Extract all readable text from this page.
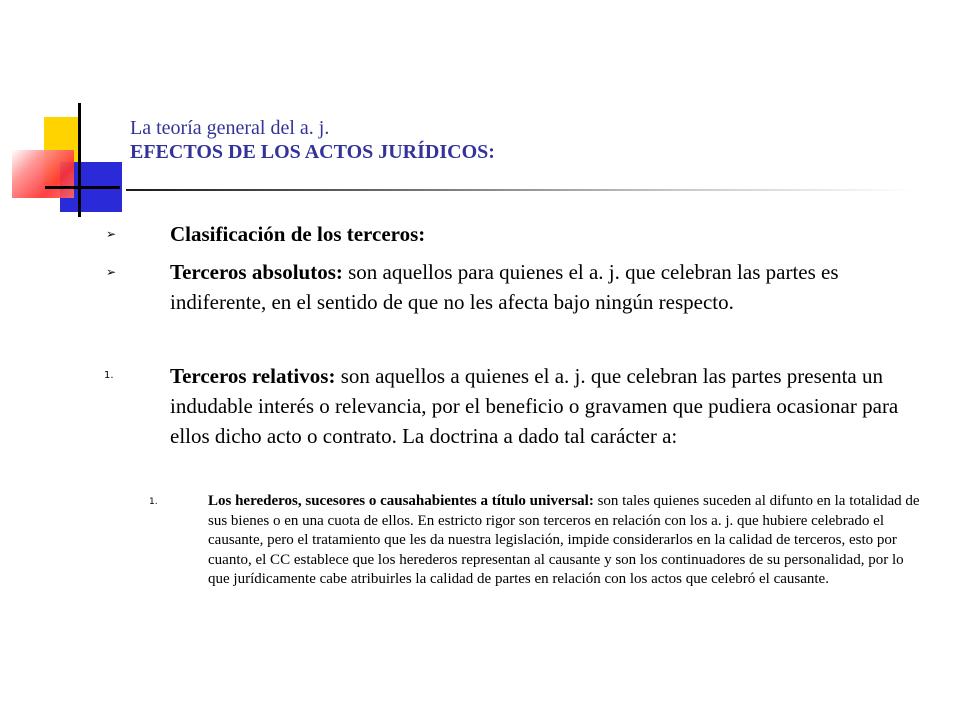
La teoría general del a. j.
EFECTOS DE LOS ACTOS JURÍDICOS:
➢	Clasificación de los terceros:
➢	Terceros absolutos: son aquellos para quienes el a. j. que celebran las partes es indiferente, en el sentido de que no les afecta bajo ningún respecto.
1.	Terceros relativos: son aquellos a quienes el a. j. que celebran las partes presenta un indudable interés o relevancia, por el beneficio o gravamen que pudiera ocasionar para ellos dicho acto o contrato. La doctrina a dado tal carácter a:
1.	Los herederos, sucesores o causahabientes a título universal: son tales quienes suceden al difunto en la totalidad de sus bienes o en una cuota de ellos. En estricto rigor son terceros en relación con los a. j. que hubiere celebrado el causante, pero el tratamiento que les da nuestra legislación, impide considerarlos en la calidad de terceros, esto por cuanto, el CC establece que los herederos representan al causante y son los continuadores de su personalidad, por lo que jurídicamente cabe atribuirles la calidad de partes en relación con los actos que celebró el causante.
